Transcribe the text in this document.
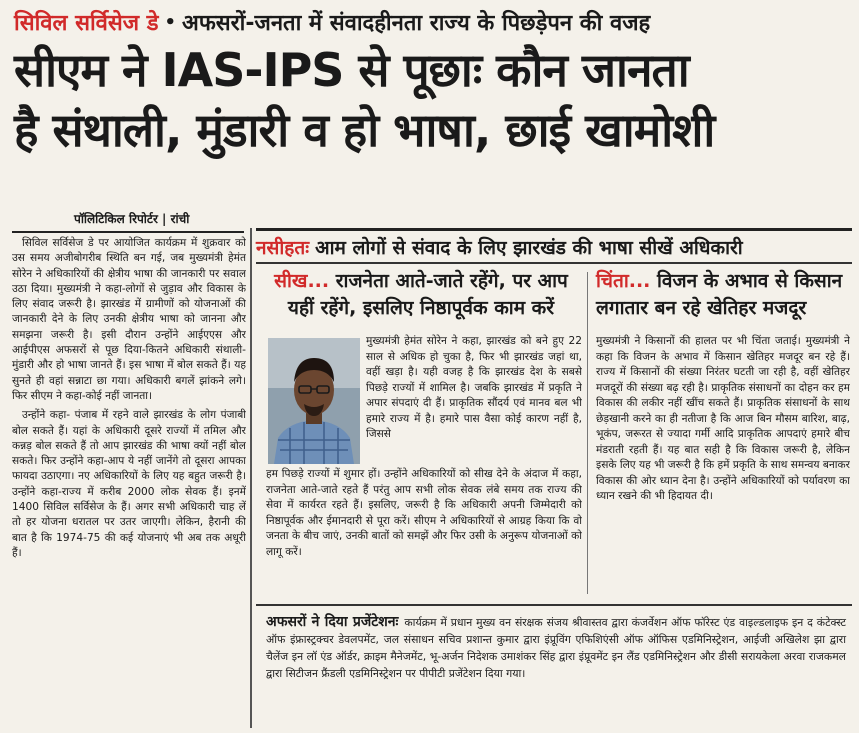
सिविल सर्विसेज डे • अफसरों-जनता में संवादहीनता राज्य के पिछड़ेपन की वजह
सीएम ने IAS-IPS से पूछाः कौन जानता
है संथाली, मुंडारी व हो भाषा, छाई खामोशी
पॉलिटिकिल रिपोर्टर | रांची

सिविल सर्विसेज डे पर आयोजित कार्यक्रम में शुक्रवार को उस समय अजीबोगरीब स्थिति बन गई, जब मुख्यमंत्री हेमंत सोरेन ने अधिकारियों की क्षेत्रीय भाषा की जानकारी पर सवाल उठा दिया। मुख्यमंत्री ने कहा-लोगों से जुड़ाव और विकास के लिए संवाद जरूरी है। झारखंड में ग्रामीणों को योजनाओं की जानकारी देने के लिए उनकी क्षेत्रीय भाषा को जानना और समझना जरूरी है। इसी दौरान उन्होंने आईएएस और आईपीएस अफसरों से पूछ दिया-कितने अधिकारी संथाली-मुंडारी और हो भाषा जानते हैं। इस भाषा में बोल सकते हैं। यह सुनते ही वहां सन्नाटा छा गया। अधिकारी बगलें झांकने लगे। फिर सीएम ने कहा-कोई नहीं जानता।

उन्होंने कहा- पंजाब में रहने वाले झारखंड के लोग पंजाबी बोल सकते हैं। यहां के अधिकारी दूसरे राज्यों में तमिल और कन्नड़ बोल सकते हैं तो आप झारखंड की भाषा क्यों नहीं बोल सकते। फिर उन्होंने कहा-आप ये नहीं जानेंगे तो दूसरा आपका फायदा उठाएगा। नए अधिकारियों के लिए यह बहुत जरूरी है। उन्होंने कहा-राज्य में करीब 2000 लोक सेवक हैं। इनमें 1400 सिविल सर्विसेज के हैं। अगर सभी अधिकारी चाह लें तो हर योजना धरातल पर उतर जाएगी। लेकिन, हैरानी की बात है कि 1974-75 की कई योजनाएं भी अब तक अधूरी हैं।

नसीहतः आम लोगों से संवाद के लिए झारखंड की भाषा सीखें अधिकारी
सीख... राजनेता आते-जाते रहेंगे, पर आप यहीं रहेंगे, इसलिए निष्ठापूर्वक काम करें
चिंता... विजन के अभाव से किसान लगातार बन रहे खेतिहर मजदूर

मुख्यमंत्री हेमंत सोरेन ने कहा, झारखंड को बने हुए 22 साल से अधिक हो चुका है, फिर भी झारखंड जहां था, वहीं खड़ा है। यही वजह है कि झारखंड देश के सबसे पिछड़े राज्यों में शामिल है। जबकि झारखंड में प्रकृति ने अपार संपदाएं दी हैं। प्राकृतिक सौंदर्य एवं मानव बल भी हमारे राज्य में है। हमारे पास वैसा कोई कारण नहीं है, जिससे

हम पिछड़े राज्यों में शुमार हों। उन्होंने अधिकारियों को सीख देने के अंदाज में कहा, राजनेता आते-जाते रहते हैं परंतु आप सभी लोक सेवक लंबे समय तक राज्य की सेवा में कार्यरत रहते हैं। इसलिए, जरूरी है कि अधिकारी अपनी जिम्मेदारी को निष्ठापूर्वक और ईमानदारी से पूरा करें। सीएम ने अधिकारियों से आग्रह किया कि वो जनता के बीच जाएं, उनकी बातों को समझें और फिर उसी के अनुरूप योजनाओं को लागू करें।

मुख्यमंत्री ने किसानों की हालत पर भी चिंता जताई। मुख्यमंत्री ने कहा कि विजन के अभाव में किसान खेतिहर मजदूर बन रहे हैं। राज्य में किसानों की संख्या निरंतर घटती जा रही है, वहीं खेतिहर मजदूरों की संख्या बढ़ रही है। प्राकृतिक संसाधनों का दोहन कर हम विकास की लकीर नहीं खींच सकते हैं। प्राकृतिक संसाधनों के साथ छेड़खानी करने का ही नतीजा है कि आज बिन मौसम बारिश, बाढ़, भूकंप, जरूरत से ज्यादा गर्मी आदि प्राकृतिक आपदाएं हमारे बीच मंडराती रहती हैं। यह बात सही है कि विकास जरूरी है, लेकिन इसके लिए यह भी जरूरी है कि हमें प्रकृति के साथ समन्वय बनाकर विकास की ओर ध्यान देना है। उन्होंने अधिकारियों को पर्यावरण का ध्यान रखने की भी हिदायत दी।

अफसरों ने दिया प्रजेंटेशनः कार्यक्रम में प्रधान मुख्य वन संरक्षक संजय श्रीवास्तव द्वारा कंजर्वेशन ऑफ फॉरेस्ट एंड वाइल्डलाइफ इन द कंटेक्स्ट ऑफ इंफ्रास्ट्रक्चर डेवलपमेंट, जल संसाधन सचिव प्रशान्त कुमार द्वारा इंप्रूविंग एफिशिएंसी ऑफ ऑफिस एडमिनिस्ट्रेशन, आईजी अखिलेश झा द्वारा चैलेंज इन लॉ एंड ऑर्डर, क्राइम मैनेजमेंट, भू-अर्जन निदेशक उमाशंकर सिंह द्वारा इंप्रूवमेंट इन लैंड एडमिनिस्ट्रेशन और डीसी सरायकेला अरवा राजकमल द्वारा सिटीजन फ्रैंडली एडमिनिस्ट्रेशन पर पीपीटी प्रजेंटेशन दिया गया।
